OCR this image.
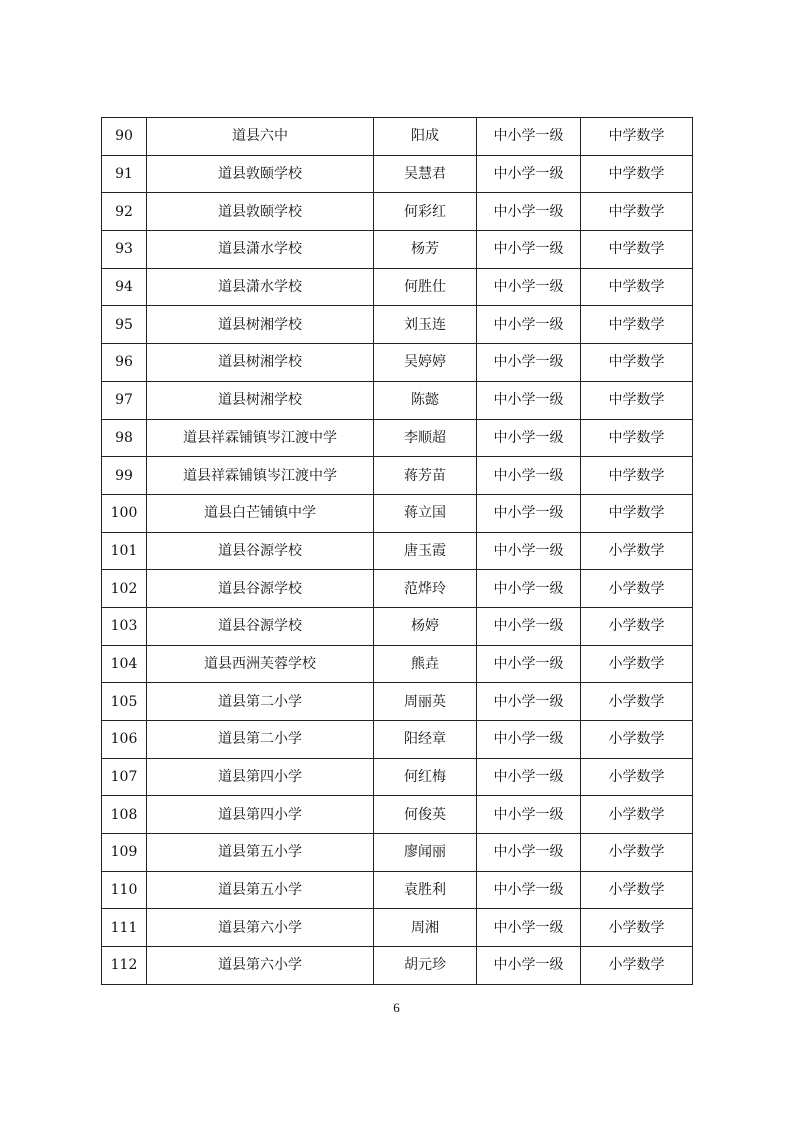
90	道县六中	阳成	中小学一级	中学数学
91	道县敦颐学校	吴慧君	中小学一级	中学数学
92	道县敦颐学校	何彩红	中小学一级	中学数学
93	道县潇水学校	杨芳	中小学一级	中学数学
94	道县潇水学校	何胜仕	中小学一级	中学数学
95	道县树湘学校	刘玉连	中小学一级	中学数学
96	道县树湘学校	吴婷婷	中小学一级	中学数学
97	道县树湘学校	陈懿	中小学一级	中学数学
98	道县祥霖铺镇岑江渡中学	李顺超	中小学一级	中学数学
99	道县祥霖铺镇岑江渡中学	蒋芳苗	中小学一级	中学数学
100	道县白芒铺镇中学	蒋立国	中小学一级	中学数学
101	道县谷源学校	唐玉霞	中小学一级	小学数学
102	道县谷源学校	范烨玲	中小学一级	小学数学
103	道县谷源学校	杨婷	中小学一级	小学数学
104	道县西洲芙蓉学校	熊垚	中小学一级	小学数学
105	道县第二小学	周丽英	中小学一级	小学数学
106	道县第二小学	阳经章	中小学一级	小学数学
107	道县第四小学	何红梅	中小学一级	小学数学
108	道县第四小学	何俊英	中小学一级	小学数学
109	道县第五小学	廖闻丽	中小学一级	小学数学
110	道县第五小学	袁胜利	中小学一级	小学数学
111	道县第六小学	周湘	中小学一级	小学数学
112	道县第六小学	胡元珍	中小学一级	小学数学
6
